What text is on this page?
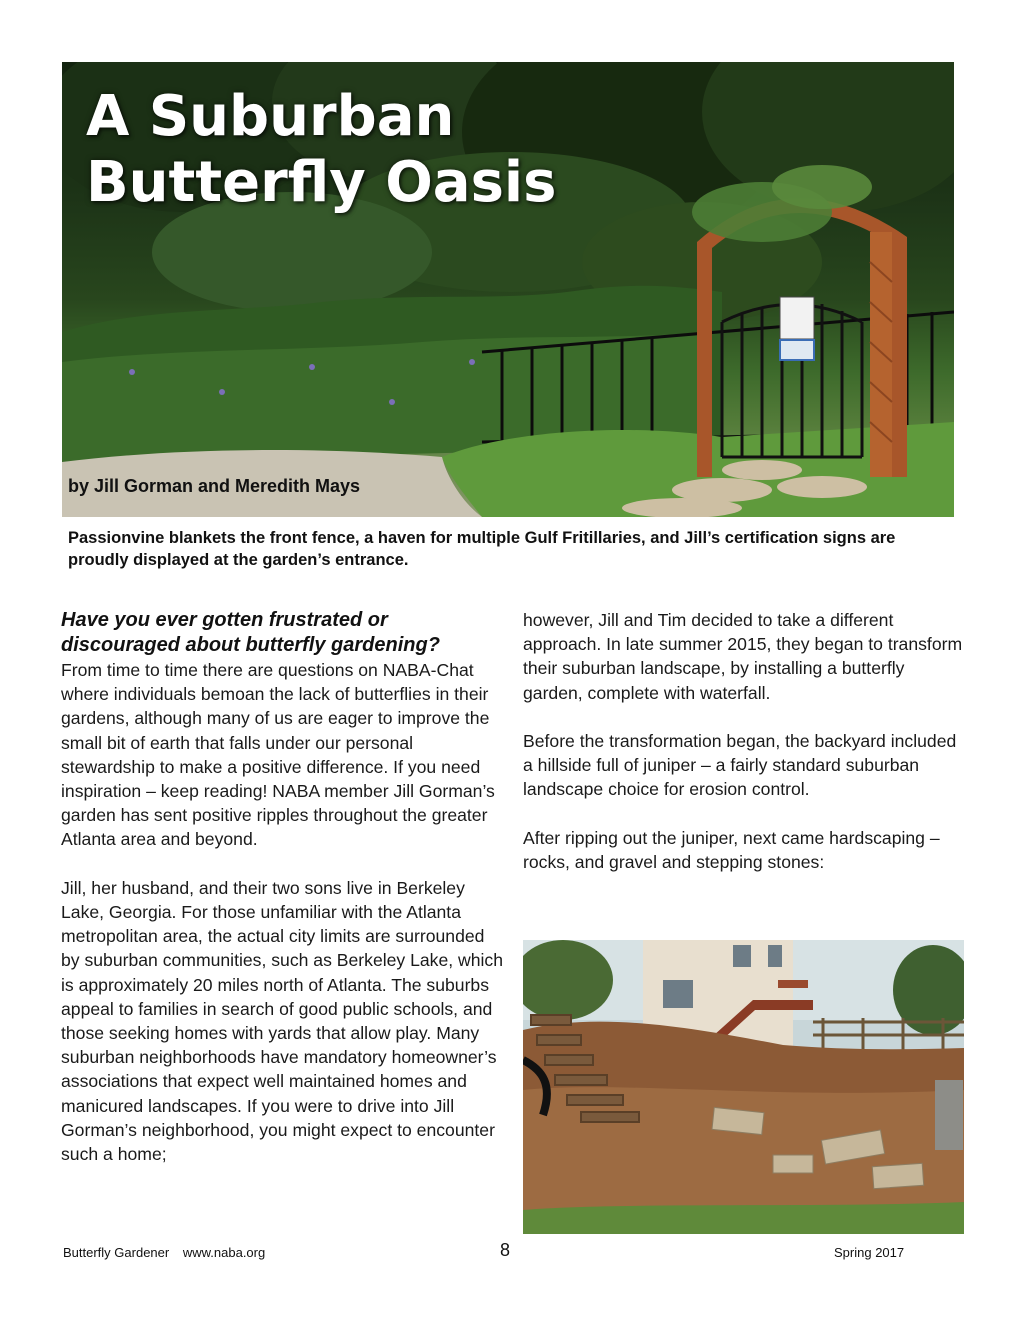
A Suburban
Butterfly Oasis

by Jill Gorman and Meredith Mays

Passionvine blankets the front fence, a haven for multiple Gulf Fritillaries, and Jill’s certification signs are proudly displayed at the garden’s entrance.

Have you ever gotten frustrated or discouraged about butterfly gardening?
From time to time there are questions on NABA-Chat where individuals bemoan the lack of butterflies in their gardens, although many of us are eager to improve the small bit of earth that falls under our personal stewardship to make a positive difference. If you need inspiration – keep reading! NABA member Jill Gorman’s garden has sent positive ripples throughout the greater Atlanta area and beyond.

Jill, her husband, and their two sons live in Berkeley Lake, Georgia. For those unfamiliar with the Atlanta metropolitan area, the actual city limits are surrounded by suburban communities, such as Berkeley Lake, which is approximately 20 miles north of Atlanta. The suburbs appeal to families in search of good public schools, and those seeking homes with yards that allow play. Many suburban neighborhoods have mandatory homeowner’s associations that expect well maintained homes and manicured landscapes. If you were to drive into Jill Gorman’s neighborhood, you might expect to encounter such a home;

however, Jill and Tim decided to take a different approach. In late summer 2015, they began to transform their suburban landscape, by installing a butterfly garden, complete with waterfall.

Before the transformation began, the backyard included a hillside full of juniper – a fairly standard suburban landscape choice for erosion control.

After ripping out the juniper, next came hardscaping – rocks, and gravel and stepping stones:

Butterfly Gardener www.naba.org	8	Spring 2017
